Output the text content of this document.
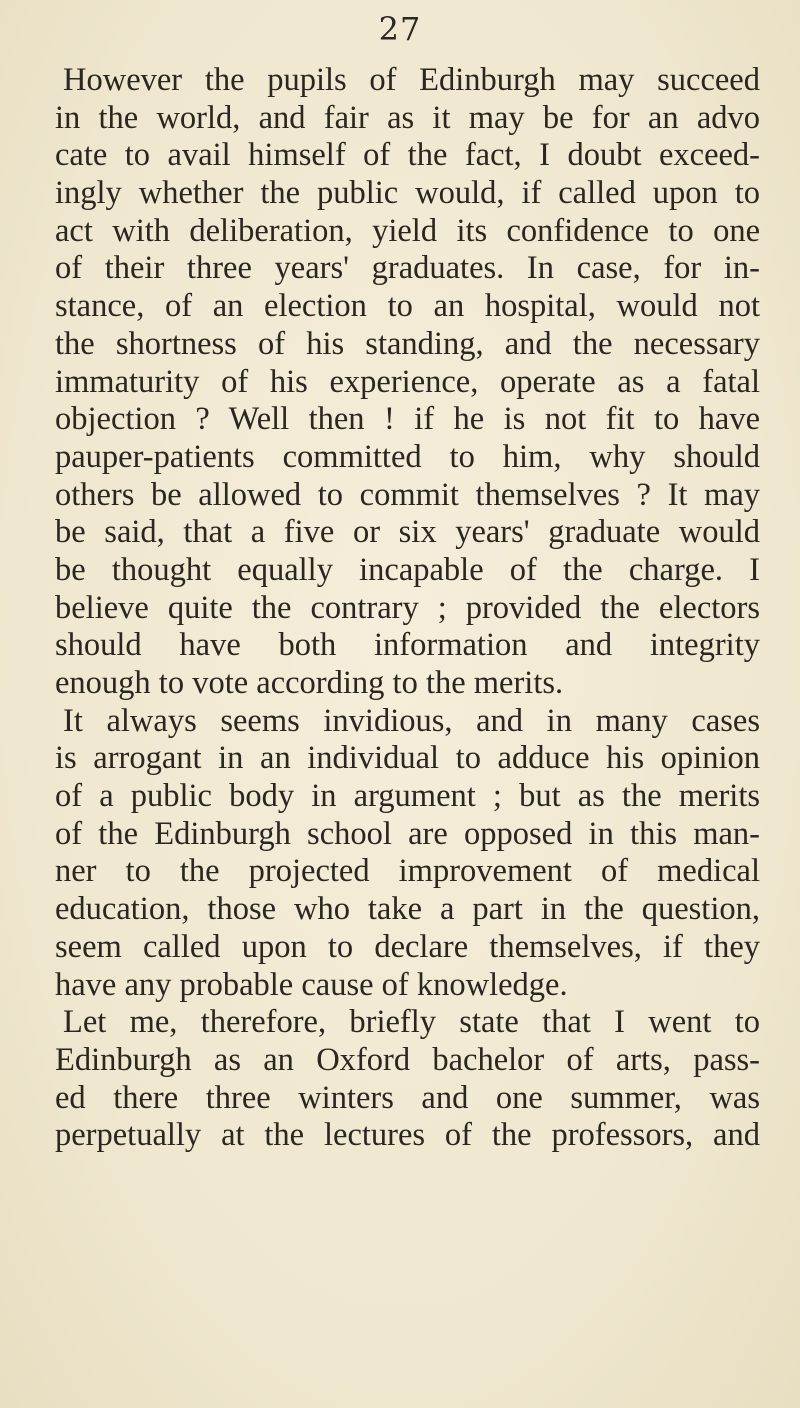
27
However the pupils of Edinburgh may succeed
in the world, and fair as it may be for an advo
cate to avail himself of the fact, I doubt exceed-
ingly whether the public would, if called upon to
act with deliberation, yield its confidence to one
of their three years' graduates. In case, for in-
stance, of an election to an hospital, would not
the shortness of his standing, and the necessary
immaturity of his experience, operate as a fatal
objection ? Well then ! if he is not fit to have
pauper-patients committed to him, why should
others be allowed to commit themselves ? It may
be said, that a five or six years' graduate would
be thought equally incapable of the charge. I
believe quite the contrary ; provided the electors
should have both information and integrity
enough to vote according to the merits.
It always seems invidious, and in many cases
is arrogant in an individual to adduce his opinion
of a public body in argument ; but as the merits
of the Edinburgh school are opposed in this man-
ner to the projected improvement of medical
education, those who take a part in the question,
seem called upon to declare themselves, if they
have any probable cause of knowledge.
Let me, therefore, briefly state that I went to
Edinburgh as an Oxford bachelor of arts, pass-
ed there three winters and one summer, was
perpetually at the lectures of the professors, and
